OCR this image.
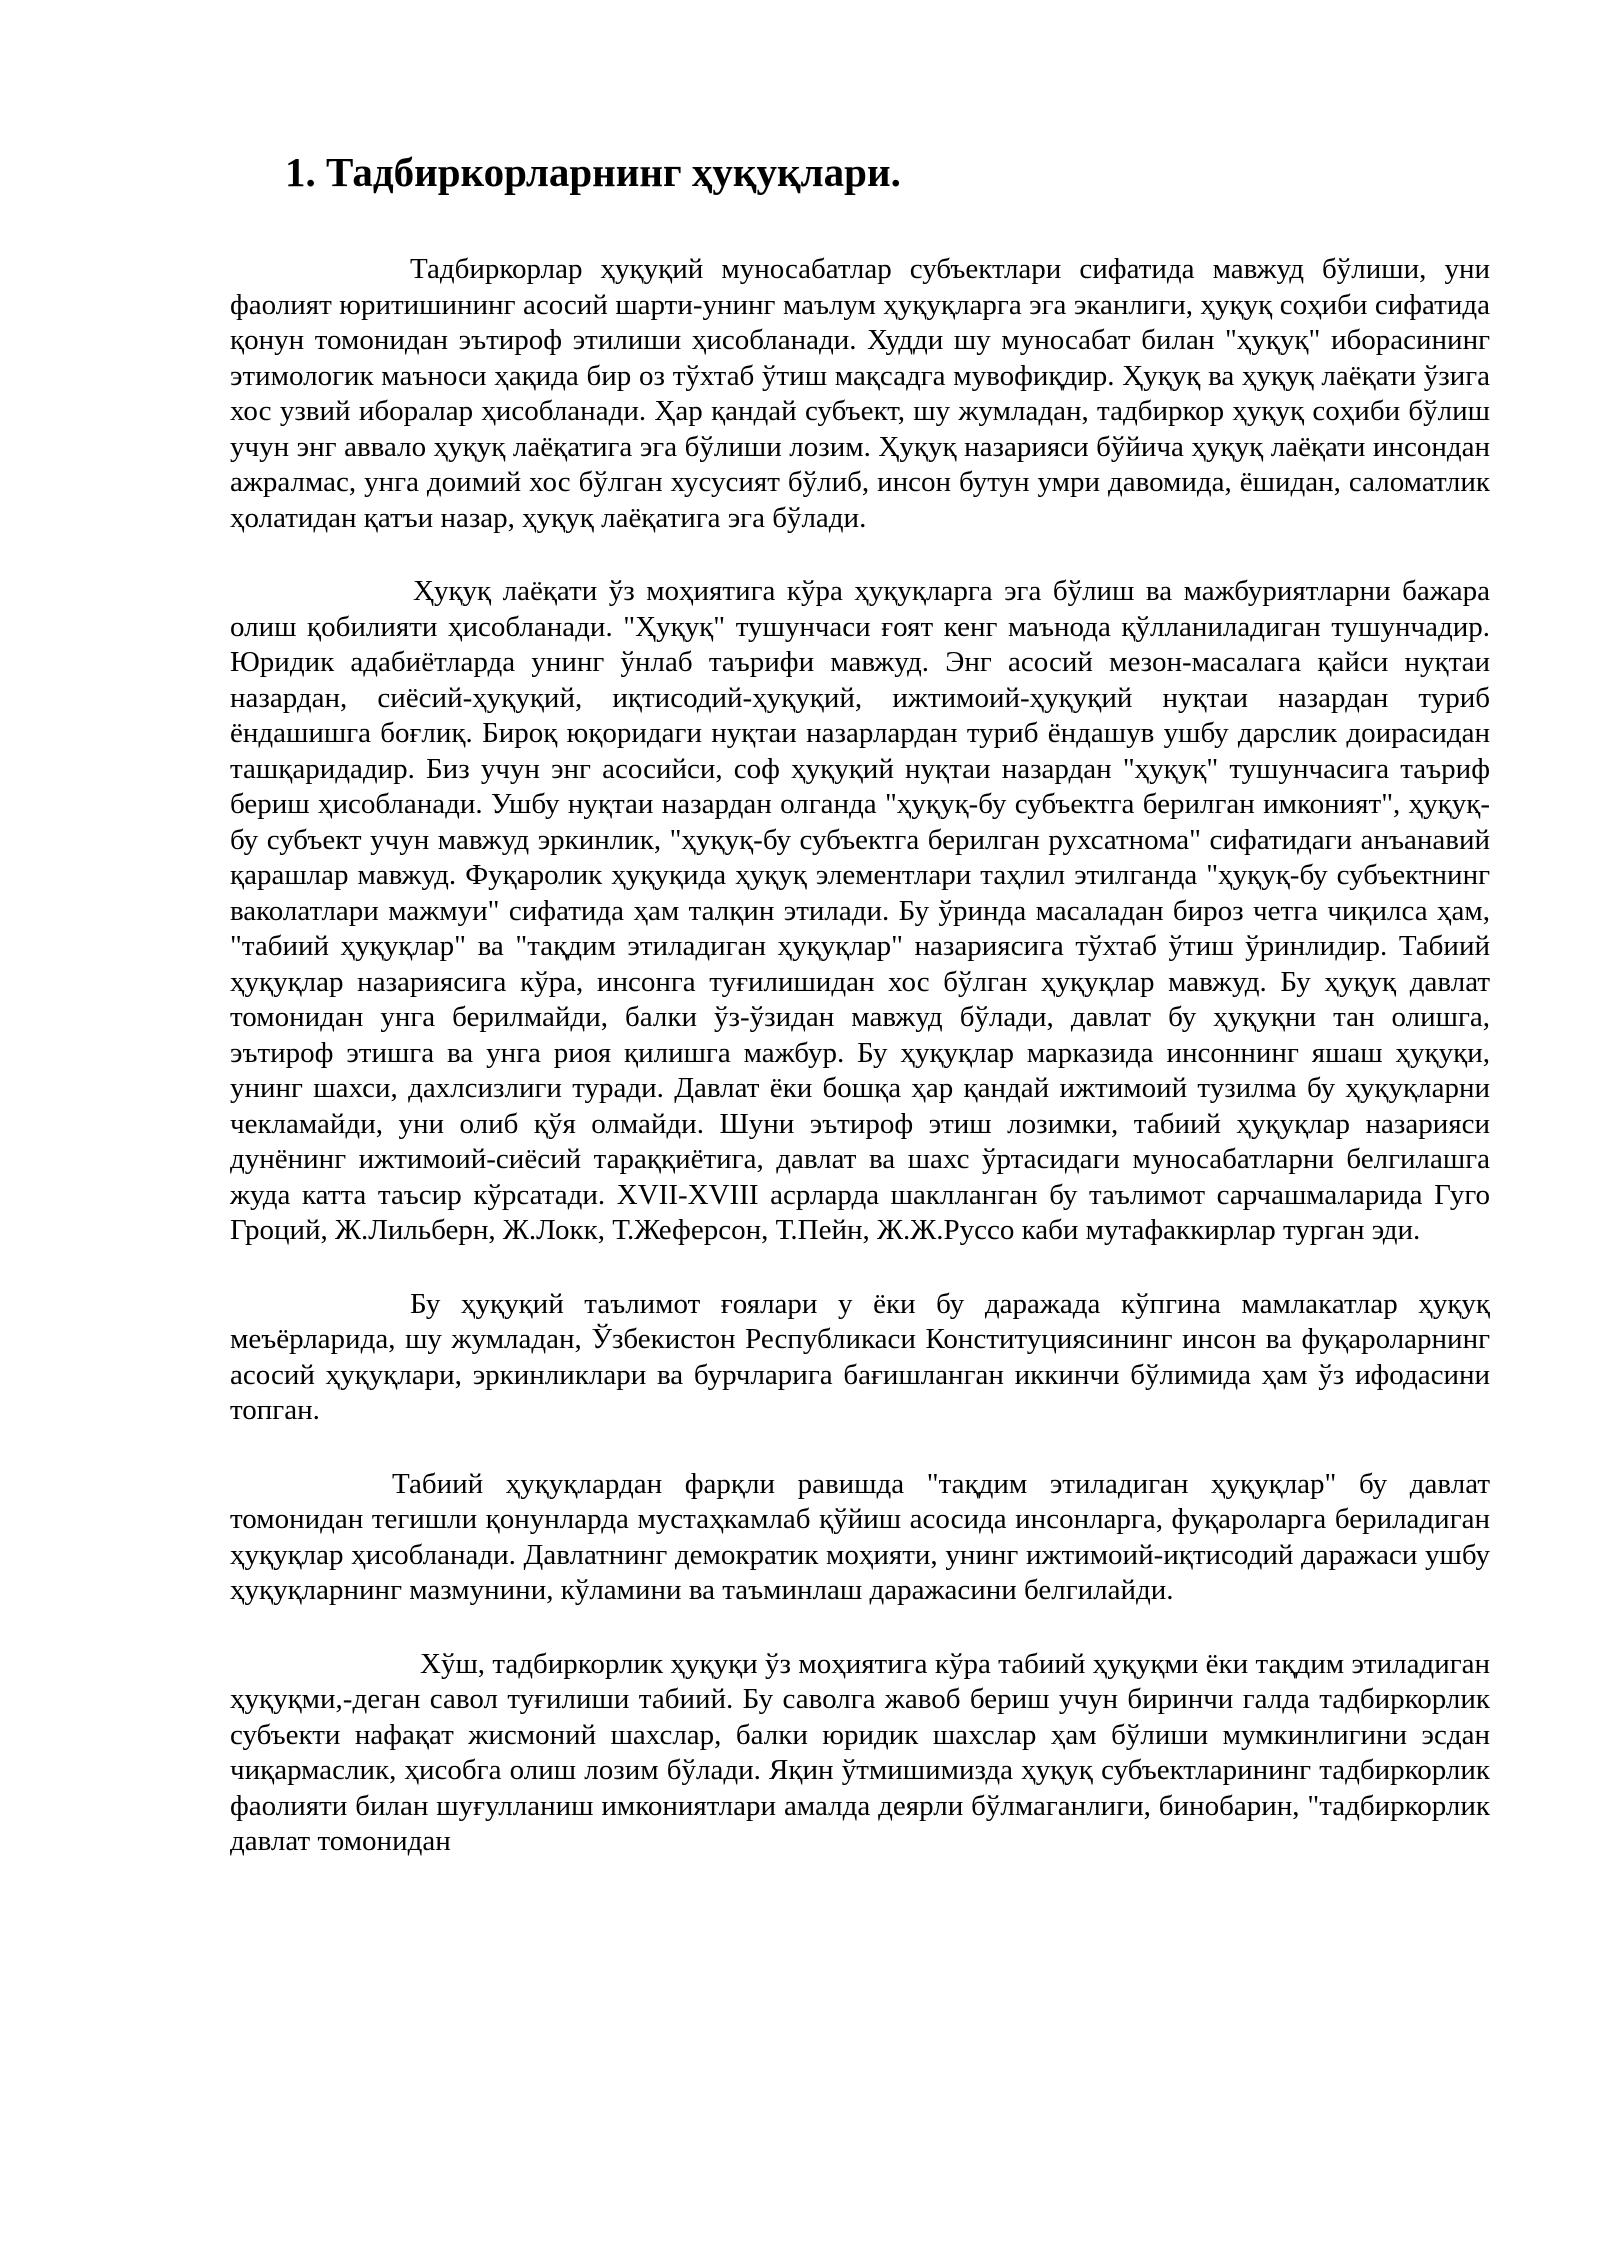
1. Тадбиркорларнинг ҳуқуқлари.

Тадбиркорлар ҳуқуқий муносабатлар субъектлари сифатида мавжуд бўлиши, уни фаолият юритишининг асосий шарти-унинг маълум ҳуқуқларга эга эканлиги, ҳуқуқ соҳиби сифатида қонун томонидан эътироф этилиши ҳисобланади. Худди шу муносабат билан "ҳуқуқ" иборасининг этимологик маъноси ҳақида бир оз тўхтаб ўтиш мақсадга мувофиқдир. Ҳуқуқ ва ҳуқуқ лаёқати ўзига хос узвий иборалар ҳисобланади. Ҳар қандай субъект, шу жумладан, тадбиркор ҳуқуқ соҳиби бўлиш учун энг аввало ҳуқуқ лаёқатига эга бўлиши лозим. Ҳуқуқ назарияси бўйича ҳуқуқ лаёқати инсондан ажралмас, унга доимий хос бўлган хусусият бўлиб, инсон бутун умри давомида, ёшидан, саломатлик ҳолатидан қатъи назар, ҳуқуқ лаёқатига эга бўлади.

Ҳуқуқ лаёқати ўз моҳиятига кўра ҳуқуқларга эга бўлиш ва мажбуриятларни бажара олиш қобилияти ҳисобланади. "Ҳуқуқ" тушунчаси ғоят кенг маънода қўлланиладиган тушунчадир. Юридик адабиётларда унинг ўнлаб таърифи мавжуд. Энг асосий мезон-масалага қайси нуқтаи назардан, сиёсий-ҳуқуқий, иқтисодий-ҳуқуқий, ижтимоий-ҳуқуқий нуқтаи назардан туриб ёндашишга боғлиқ. Бироқ юқоридаги нуқтаи назарлардан туриб ёндашув ушбу дарслик доирасидан ташқаридадир. Биз учун энг асосийси, соф ҳуқуқий нуқтаи назардан "ҳуқуқ" тушунчасига таъриф бериш ҳисобланади. Ушбу нуқтаи назардан олганда "ҳуқуқ-бу субъектга берилган имконият", ҳуқуқ-бу субъект учун мавжуд эркинлик, "ҳуқуқ-бу субъектга берилган рухсатнома" сифатидаги анъанавий қарашлар мавжуд. Фуқаролик ҳуқуқида ҳуқуқ элементлари таҳлил этилганда "ҳуқуқ-бу субъектнинг ваколатлари мажмуи" сифатида ҳам талқин этилади. Бу ўринда масаладан бироз четга чиқилса ҳам, "табиий ҳуқуқлар" ва "тақдим этиладиган ҳуқуқлар" назариясига тўхтаб ўтиш ўринлидир. Табиий ҳуқуқлар назариясига кўра, инсонга туғилишидан хос бўлган ҳуқуқлар мавжуд. Бу ҳуқуқ давлат томонидан унга берилмайди, балки ўз-ўзидан мавжуд бўлади, давлат бу ҳуқуқни тан олишга, эътироф этишга ва унга риоя қилишга мажбур. Бу ҳуқуқлар марказида инсоннинг яшаш ҳуқуқи, унинг шахси, дахлсизлиги туради. Давлат ёки бошқа ҳар қандай ижтимоий тузилма бу ҳуқуқларни чекламайди, уни олиб қўя олмайди. Шуни эътироф этиш лозимки, табиий ҳуқуқлар назарияси дунёнинг ижтимоий-сиёсий тараққиётига, давлат ва шахс ўртасидаги муносабатларни белгилашга жуда катта таъсир кўрсатади. XVII-XVIII асрларда шаклланган бу таълимот сарчашмаларида Гуго Гроций, Ж.Лильберн, Ж.Локк, Т.Жеферсон, Т.Пейн, Ж.Ж.Руссо каби мутафаккирлар турган эди.

Бу ҳуқуқий таълимот ғоялари у ёки бу даражада кўпгина мамлакатлар ҳуқуқ меъёрларида, шу жумладан, Ўзбекистон Республикаси Конституциясининг инсон ва фуқароларнинг асосий ҳуқуқлари, эркинликлари ва бурчларига бағишланган иккинчи бўлимида ҳам ўз ифодасини топган.

Табиий ҳуқуқлардан фарқли равишда "тақдим этиладиган ҳуқуқлар" бу давлат томонидан тегишли қонунларда мустаҳкамлаб қўйиш асосида инсонларга, фуқароларга бериладиган ҳуқуқлар ҳисобланади. Давлатнинг демократик моҳияти, унинг ижтимоий-иқтисодий даражаси ушбу ҳуқуқларнинг мазмунини, кўламини ва таъминлаш даражасини белгилайди.

Хўш, тадбиркорлик ҳуқуқи ўз моҳиятига кўра табиий ҳуқуқми ёки тақдим этиладиган ҳуқуқми,-деган савол туғилиши табиий. Бу саволга жавоб бериш учун биринчи галда тадбиркорлик субъекти нафақат жисмоний шахслар, балки юридик шахслар ҳам бўлиши мумкинлигини эсдан чиқармаслик, ҳисобга олиш лозим бўлади. Яқин ўтмишимизда ҳуқуқ субъектларининг тадбиркорлик фаолияти билан шуғулланиш имкониятлари амалда деярли бўлмаганлиги, бинобарин, "тадбиркорлик давлат томонидан
